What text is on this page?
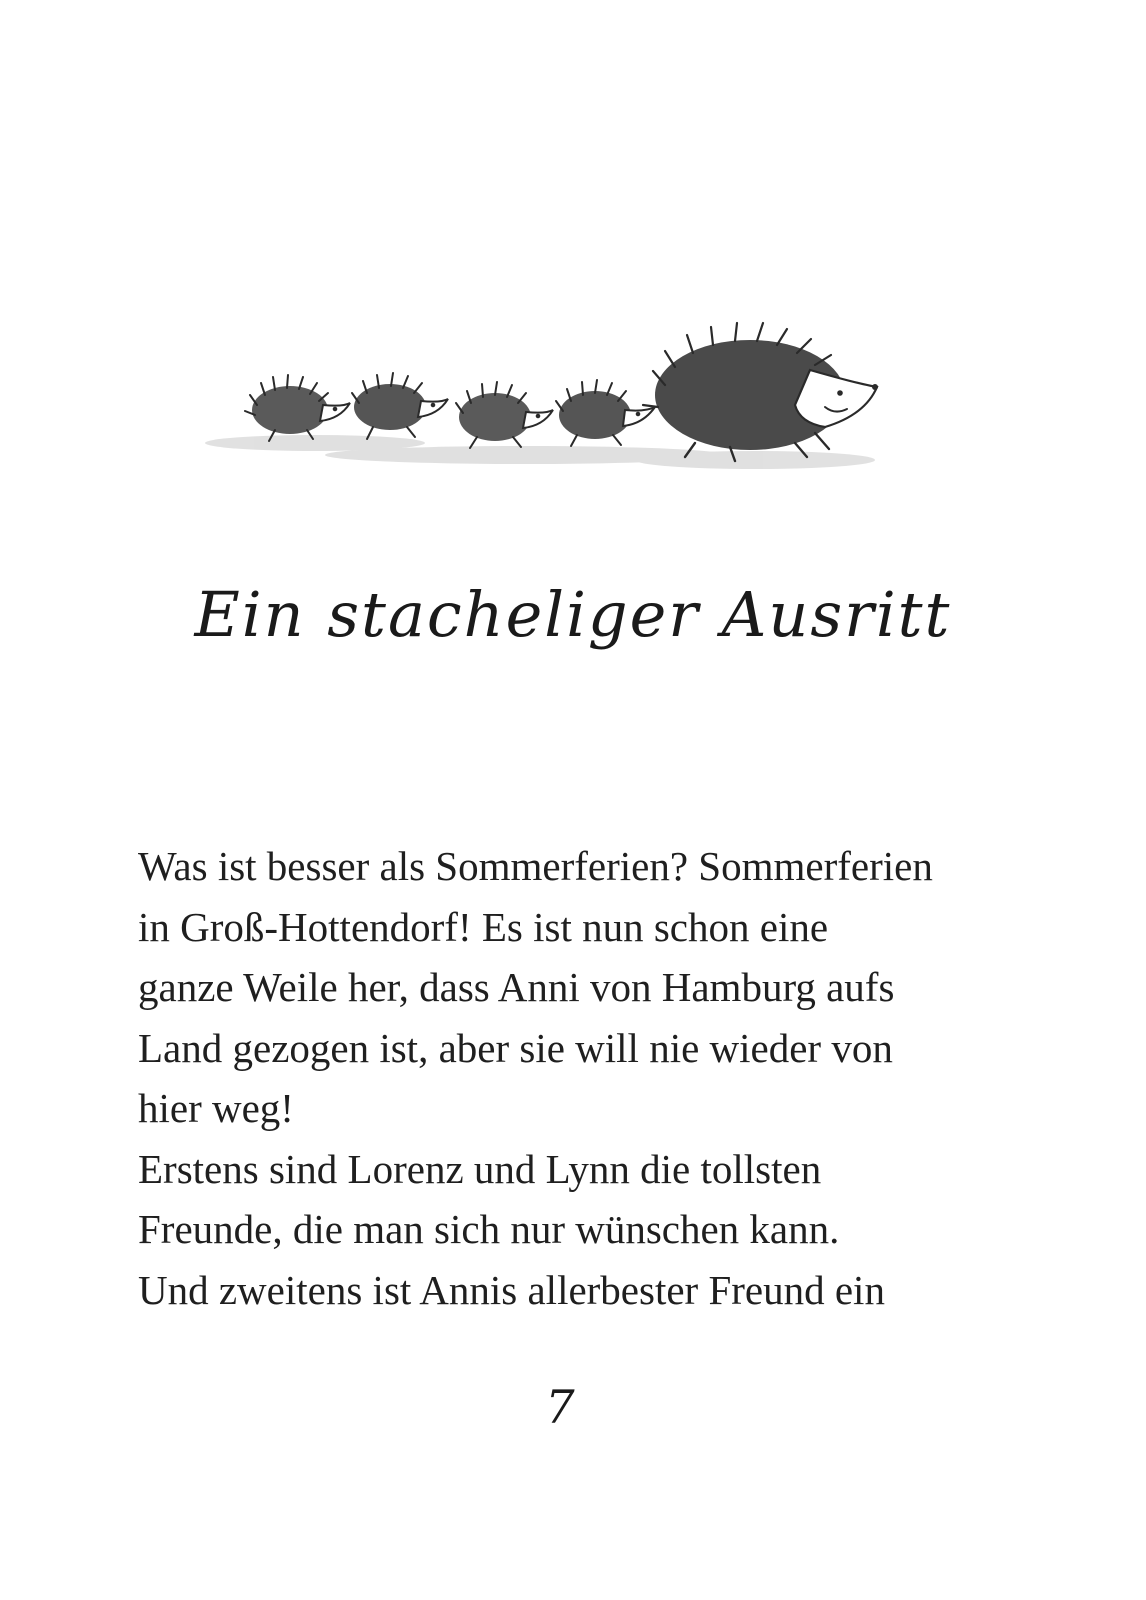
Ein stacheliger Ausritt
Was ist besser als Sommerferien? Sommerferien
in Groß-Hottendorf! Es ist nun schon eine
ganze Weile her, dass Anni von Hamburg aufs
Land gezogen ist, aber sie will nie wieder von
hier weg!
Erstens sind Lorenz und Lynn die tollsten
Freunde, die man sich nur wünschen kann.
Und zweitens ist Annis allerbester Freund ein
7
